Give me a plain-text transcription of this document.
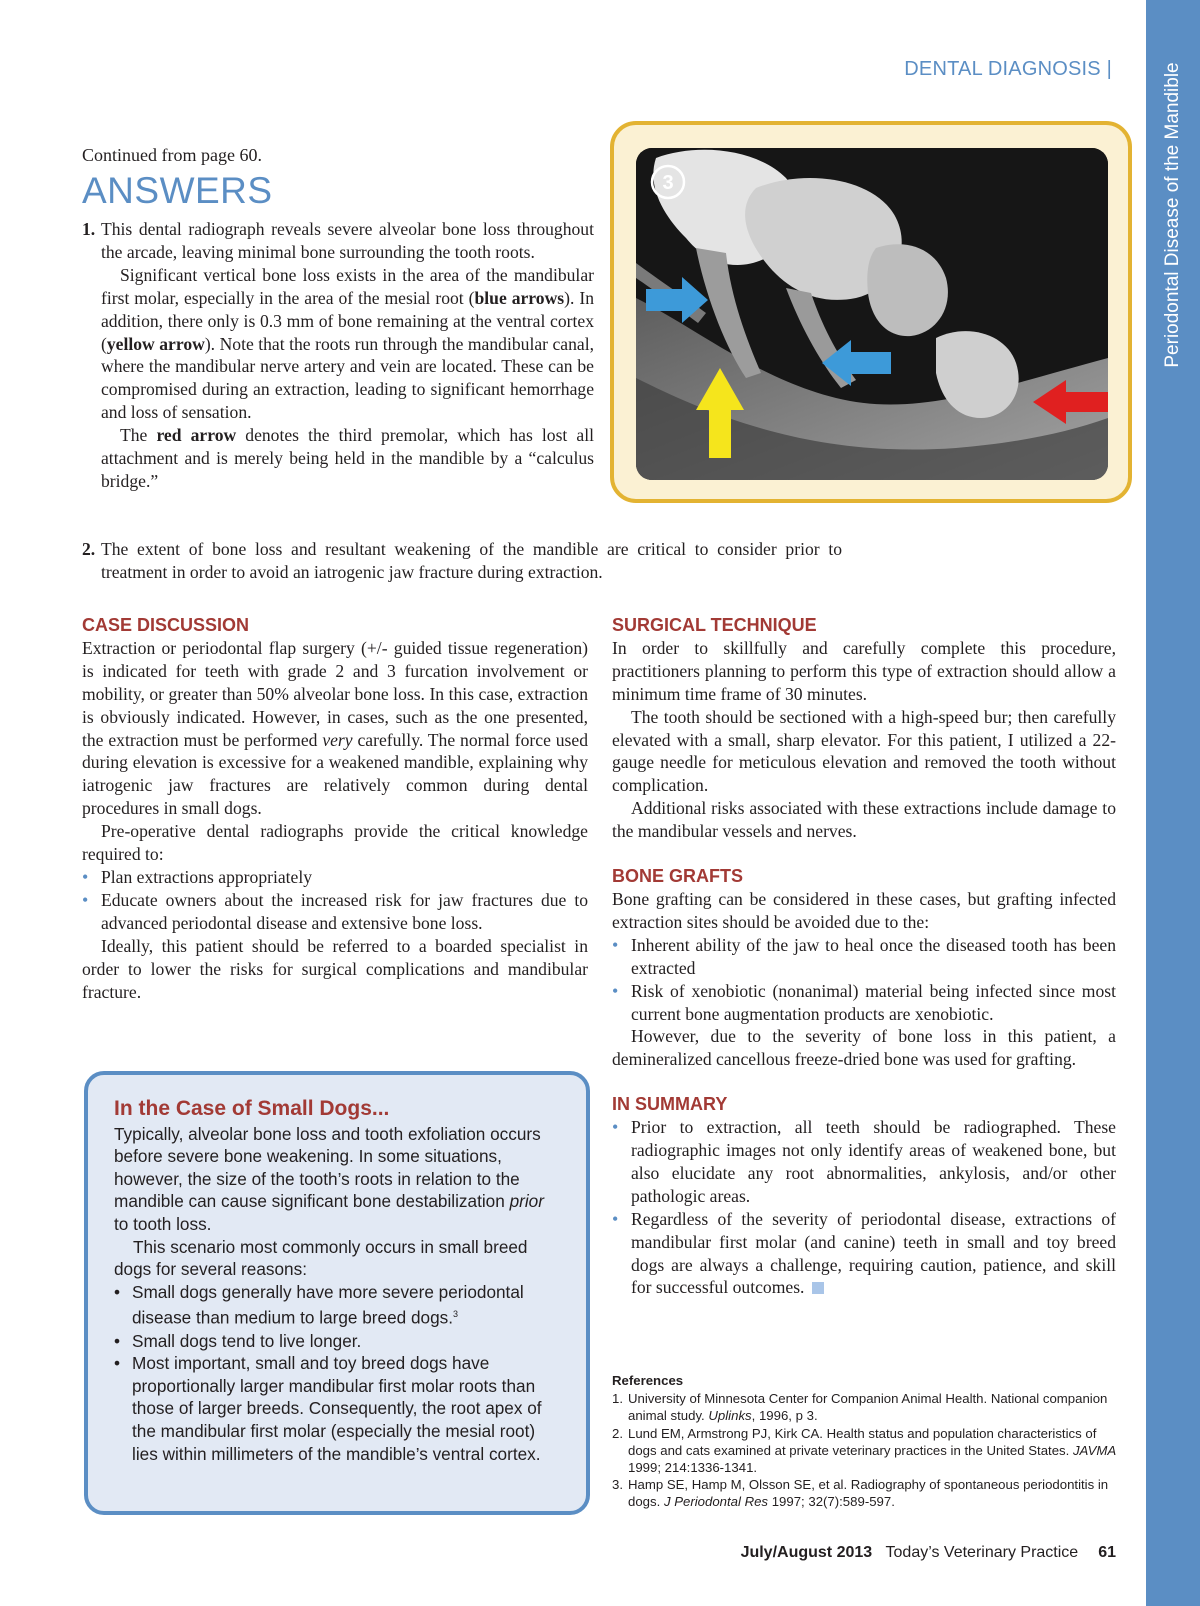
Periodontal Disease of the Mandible
DENTAL DIAGNOSIS |
Continued from page 60.
ANSWERS
1. This dental radiograph reveals severe alveolar bone loss throughout the arcade, leaving minimal bone surrounding the tooth roots.

Significant vertical bone loss exists in the area of the mandibular first molar, especially in the area of the mesial root (blue arrows). In addition, there only is 0.3 mm of bone remaining at the ventral cortex (yellow arrow). Note that the roots run through the mandibular canal, where the mandibular nerve artery and vein are located. These can be compromised during an extraction, leading to significant hemorrhage and loss of sensation.

The red arrow denotes the third premolar, which has lost all attachment and is merely being held in the mandible by a “calculus bridge.”

2. The extent of bone loss and resultant weakening of the mandible are critical to consider prior to treatment in order to avoid an iatrogenic jaw fracture during extraction.

3
CASE DISCUSSION

Extraction or periodontal flap surgery (+/- guided tissue regeneration) is indicated for teeth with grade 2 and 3 furcation involvement or mobility, or greater than 50% alveolar bone loss. In this case, extraction is obviously indicated. However, in cases, such as the one presented, the extraction must be performed very carefully. The normal force used during elevation is excessive for a weakened mandible, explaining why iatrogenic jaw fractures are relatively common during dental procedures in small dogs.

Pre-operative dental radiographs provide the critical knowledge required to:

• Plan extractions appropriately
• Educate owners about the increased risk for jaw fractures due to advanced periodontal disease and extensive bone loss.

Ideally, this patient should be referred to a boarded specialist in order to lower the risks for surgical complications and mandibular fracture.

In the Case of Small Dogs...

Typically, alveolar bone loss and tooth exfoliation occurs before severe bone weakening. In some situations, however, the size of the tooth’s roots in relation to the mandible can cause significant bone destabilization prior to tooth loss.

This scenario most commonly occurs in small breed dogs for several reasons:

• Small dogs generally have more severe periodontal disease than medium to large breed dogs.$^3$
• Small dogs tend to live longer.
• Most important, small and toy breed dogs have proportionally larger mandibular first molar roots than those of larger breeds. Consequently, the root apex of the mandibular first molar (especially the mesial root) lies within millimeters of the mandible’s ventral cortex.
SURGICAL TECHNIQUE

In order to skillfully and carefully complete this procedure, practitioners planning to perform this type of extraction should allow a minimum time frame of 30 minutes.

The tooth should be sectioned with a high-speed bur; then carefully elevated with a small, sharp elevator. For this patient, I utilized a 22-gauge needle for meticulous elevation and removed the tooth without complication.

Additional risks associated with these extractions include damage to the mandibular vessels and nerves.

BONE GRAFTS

Bone grafting can be considered in these cases, but grafting infected extraction sites should be avoided due to the:

• Inherent ability of the jaw to heal once the diseased tooth has been extracted
• Risk of xenobiotic (nonanimal) material being infected since most current bone augmentation products are xenobiotic.

However, due to the severity of bone loss in this patient, a demineralized cancellous freeze-dried bone was used for grafting.

IN SUMMARY
• Prior to extraction, all teeth should be radiographed. These radiographic images not only identify areas of weakened bone, but also elucidate any root abnormalities, ankylosis, and/or other pathologic areas.
• Regardless of the severity of periodontal disease, extractions of mandibular first molar (and canine) teeth in small and toy breed dogs are always a challenge, requiring caution, patience, and skill for successful outcomes.

References

1. University of Minnesota Center for Companion Animal Health. National companion animal study. Uplinks, 1996, p 3.
2. Lund EM, Armstrong PJ, Kirk CA. Health status and population characteristics of dogs and cats examined at private veterinary practices in the United States. JAVMA 1999; 214:1336-1341.
3. Hamp SE, Hamp M, Olsson SE, et al. Radiography of spontaneous periodontitis in dogs. J Periodontal Res 1997; 32(7):589-597.
July/August 2013 Today’s Veterinary Practice 61
